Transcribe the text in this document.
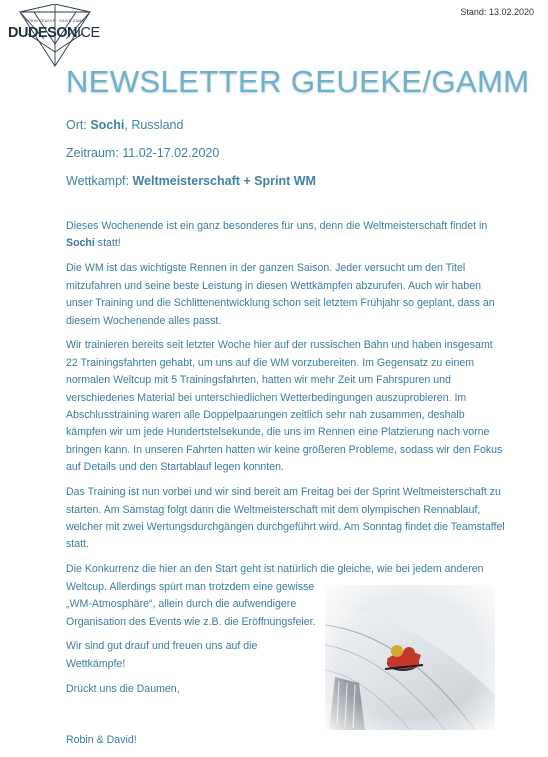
Stand: 13.02.2020
ROBIN GEUEKE · DAVID GAMM
DUDESONICE
NEWSLETTER GEUEKE/GAMM
Ort: Sochi, Russland
Zeitraum: 11.02-17.02.2020
Wettkampf: Weltmeisterschaft + Sprint WM

Dieses Wochenende ist ein ganz besonderes für uns, denn die Weltmeisterschaft findet in Sochi statt!

Die WM ist das wichtigste Rennen in der ganzen Saison. Jeder versucht um den Titel mitzufahren und seine beste Leistung in diesen Wettkämpfen abzurufen. Auch wir haben unser Training und die Schlittenentwicklung schon seit letztem Frühjahr so geplant, dass an diesem Wochenende alles passt.

Wir trainieren bereits seit letzter Woche hier auf der russischen Bahn und haben insgesamt 22 Trainingsfahrten gehabt, um uns auf die WM vorzubereiten. Im Gegensatz zu einem normalen Weltcup mit 5 Trainingsfahrten, hatten wir mehr Zeit um Fahrspuren und verschiedenes Material bei unterschiedlichen Wetterbedingungen auszuprobieren. Im Abschlusstraining waren alle Doppelpaarungen zeitlich sehr nah zusammen, deshalb kämpfen wir um jede Hundertstelsekunde, die uns im Rennen eine Platzierung nach vorne bringen kann. In unseren Fahrten hatten wir keine größeren Probleme, sodass wir den Fokus auf Details und den Startablauf legen konnten.

Das Training ist nun vorbei und wir sind bereit am Freitag bei der Sprint Weltmeisterschaft zu starten. Am Samstag folgt dann die Weltmeisterschaft mit dem olympischen Rennablauf, welcher mit zwei Wertungsdurchgängen durchgeführt wird. Am Sonntag findet die Teamstaffel statt.

Die Konkurrenz die hier an den Start geht ist natürlich die gleiche, wie bei jedem anderen
Weltcup. Allerdings spürt man trotzdem eine gewisse
„WM-Atmosphäre“, allein durch die aufwendigere
Organisation des Events wie z.B. die Eröffnungsfeier.

Wir sind gut drauf und freuen uns auf die
Wettkämpfe!

Drückt uns die Daumen,

Robin & David!
